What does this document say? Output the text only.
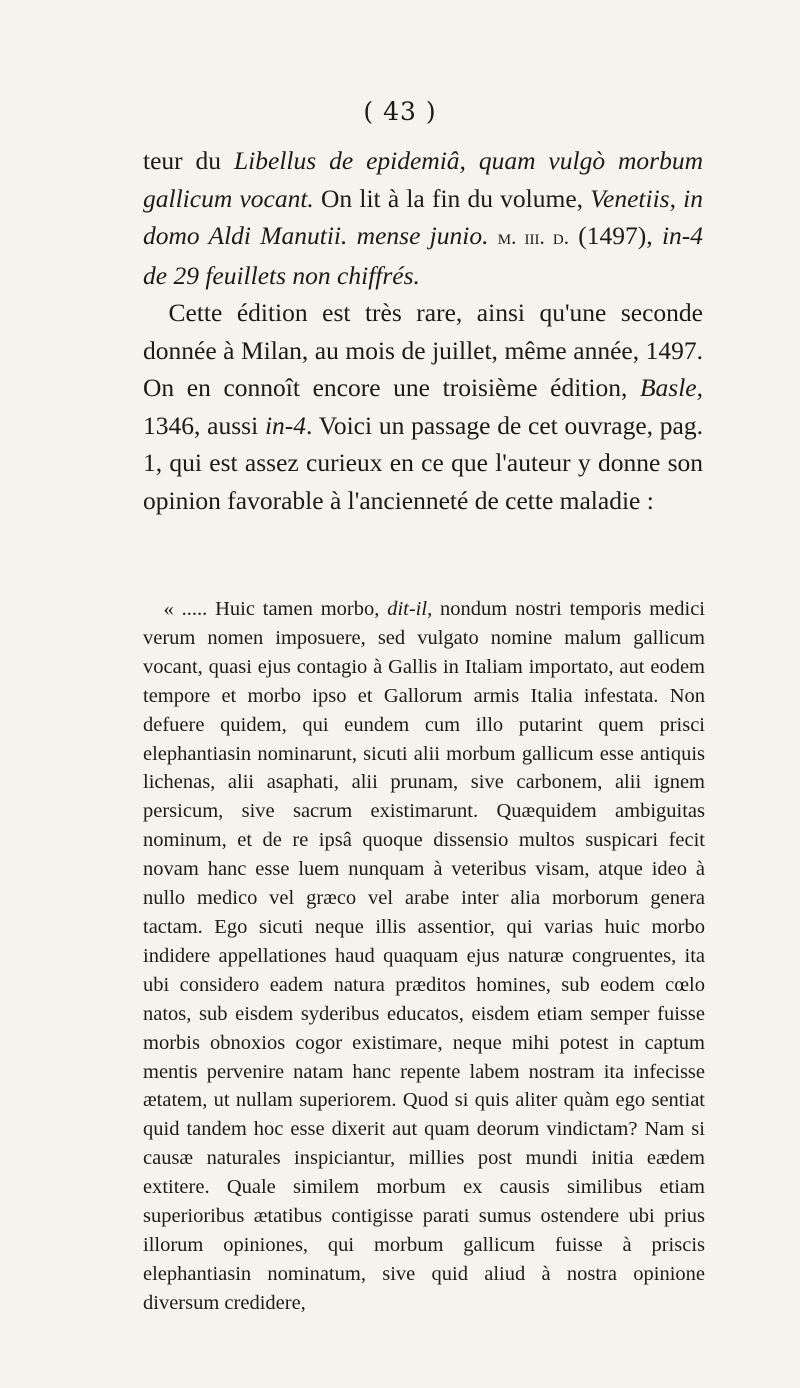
( 43 )

teur du Libellus de epidemiâ, quam vulgò morbum gallicum vocant. On lit à la fin du volume, Venetiis, in domo Aldi Manutii. mense junio. m. iii. d. (1497), in-4 de 29 feuillets non chiffrés.

 Cette édition est très rare, ainsi qu'une seconde donnée à Milan, au mois de juillet, même année, 1497. On en connoît encore une troisième édition, Basle, 1346, aussi in-4. Voici un passage de cet ouvrage, pag. 1, qui est assez curieux en ce que l'auteur y donne son opinion favorable à l'ancienneté de cette maladie :

 « ..... Huic tamen morbo, dit-il, nondum nostri temporis medici verum nomen imposuere, sed vulgato nomine malum gallicum vocant, quasi ejus contagio à Gallis in Italiam importato, aut eodem tempore et morbo ipso et Gallorum armis Italia infestata. Non defuere quidem, qui eundem cum illo putarint quem prisci elephantiasin nominarunt, sicuti alii morbum gallicum esse antiquis lichenas, alii asaphati, alii prunam, sive carbonem, alii ignem persicum, sive sacrum existimarunt. Quæquidem ambiguitas nominum, et de re ipsâ quoque dissensio multos suspicari fecit novam hanc esse luem nunquam à veteribus visam, atque ideo à nullo medico vel græco vel arabe inter alia morborum genera tactam. Ego sicuti neque illis assentior, qui varias huic morbo indidere appellationes haud quaquam ejus naturæ congruentes, ita ubi considero eadem natura præditos homines, sub eodem cœlo natos, sub eisdem syderibus educatos, eisdem etiam semper fuisse morbis obnoxios cogor existimare, neque mihi potest in captum mentis pervenire natam hanc repente labem nostram ita infecisse ætatem, ut nullam superiorem. Quod si quis aliter quàm ego sentiat quid tandem hoc esse dixerit aut quam deorum vindictam? Nam si causæ naturales inspiciantur, millies post mundi initia eædem extitere. Quale similem morbum ex causis similibus etiam superioribus ætatibus contigisse parati sumus ostendere ubi prius illorum opiniones, qui morbum gallicum fuisse à priscis elephantiasin nominatum, sive quid aliud à nostra opinione diversum credidere,
